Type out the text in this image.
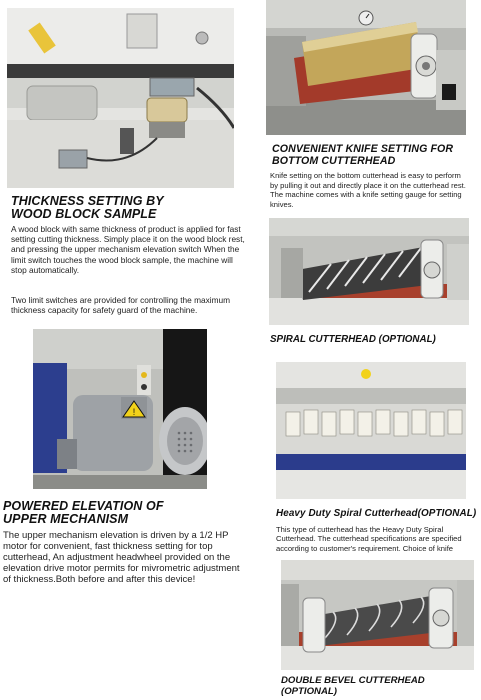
THICKNESS SETTING BY
WOOD BLOCK SAMPLE

A wood block with same thickness of product is applied for fast setting cutting thickness. Simply place it on the wood block rest, and pressing the upper mechanism elevation switch When the limit switch touches the wood block sample, the machine will stop automatically.

Two limit switches are provided for controlling the maximum thickness capacity for safety guard of the machine.

!
POWERED ELEVATION OF
UPPER MECHANISM

The upper mechanism elevation is driven by a 1/2 HP motor for convenient, fast thickness setting for top cutterhead, An adjustment headwheel provided on the elevation drive motor permits for mivrometric adjustment of thickness.Both before and after this device!

CONVENIENT KNIFE SETTING FOR
BOTTOM CUTTERHEAD

Knife setting on the bottom cutterhead is easy to perform by pulling it out and directly place it on the cutterhead rest. The machine comes with a knife setting gauge for setting knives.

SPIRAL CUTTERHEAD (OPTIONAL)
Heavy Duty Spiral Cutterhead(OPTIONAL)

This type of cutterhead has the Heavy Duty Spiral Cutterhead. The cutterhead specifications are specified according to customer's requirement. Choice of knife

DOUBLE BEVEL CUTTERHEAD
(OPTIONAL)
